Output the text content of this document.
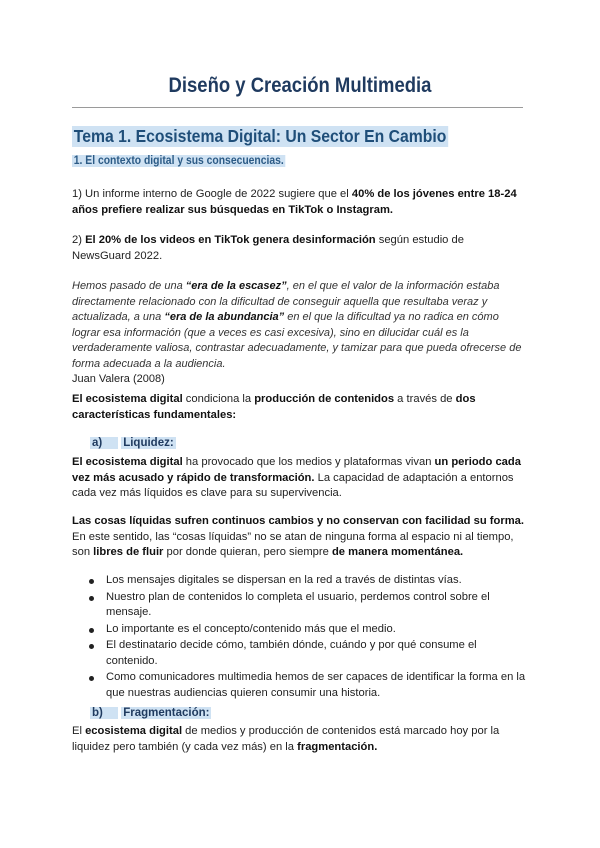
Diseño y Creación Multimedia
Tema 1. Ecosistema Digital: Un Sector En Cambio
1. El contexto digital y sus consecuencias.

1) Un informe interno de Google de 2022 sugiere que el 40% de los jóvenes entre 18-24 años prefiere realizar sus búsquedas en TikTok o Instagram.

2) El 20% de los videos en TikTok genera desinformación según estudio de NewsGuard 2022.

Hemos pasado de una “era de la escasez”, en el que el valor de la información estaba directamente relacionado con la dificultad de conseguir aquella que resultaba veraz y actualizada, a una “era de la abundancia” en el que la dificultad ya no radica en cómo lograr esa información (que a veces es casi excesiva), sino en dilucidar cuál es la verdaderamente valiosa, contrastar adecuadamente, y tamizar para que pueda ofrecerse de forma adecuada a la audiencia.
Juan Valera (2008)

El ecosistema digital condiciona la producción de contenidos a través de dos características fundamentales:

a) Liquidez:

El ecosistema digital ha provocado que los medios y plataformas vivan un periodo cada vez más acusado y rápido de transformación. La capacidad de adaptación a entornos cada vez más líquidos es clave para su supervivencia.

Las cosas líquidas sufren continuos cambios y no conservan con facilidad su forma. En este sentido, las “cosas líquidas” no se atan de ninguna forma al espacio ni al tiempo, son libres de fluir por donde quieran, pero siempre de manera momentánea.

Los mensajes digitales se dispersan en la red a través de distintas vías.
Nuestro plan de contenidos lo completa el usuario, perdemos control sobre el mensaje.
Lo importante es el concepto/contenido más que el medio.
El destinatario decide cómo, también dónde, cuándo y por qué consume el contenido.
Como comunicadores multimedia hemos de ser capaces de identificar la forma en la que nuestras audiencias quieren consumir una historia.
b) Fragmentación:

El ecosistema digital de medios y producción de contenidos está marcado hoy por la liquidez pero también (y cada vez más) en la fragmentación.
